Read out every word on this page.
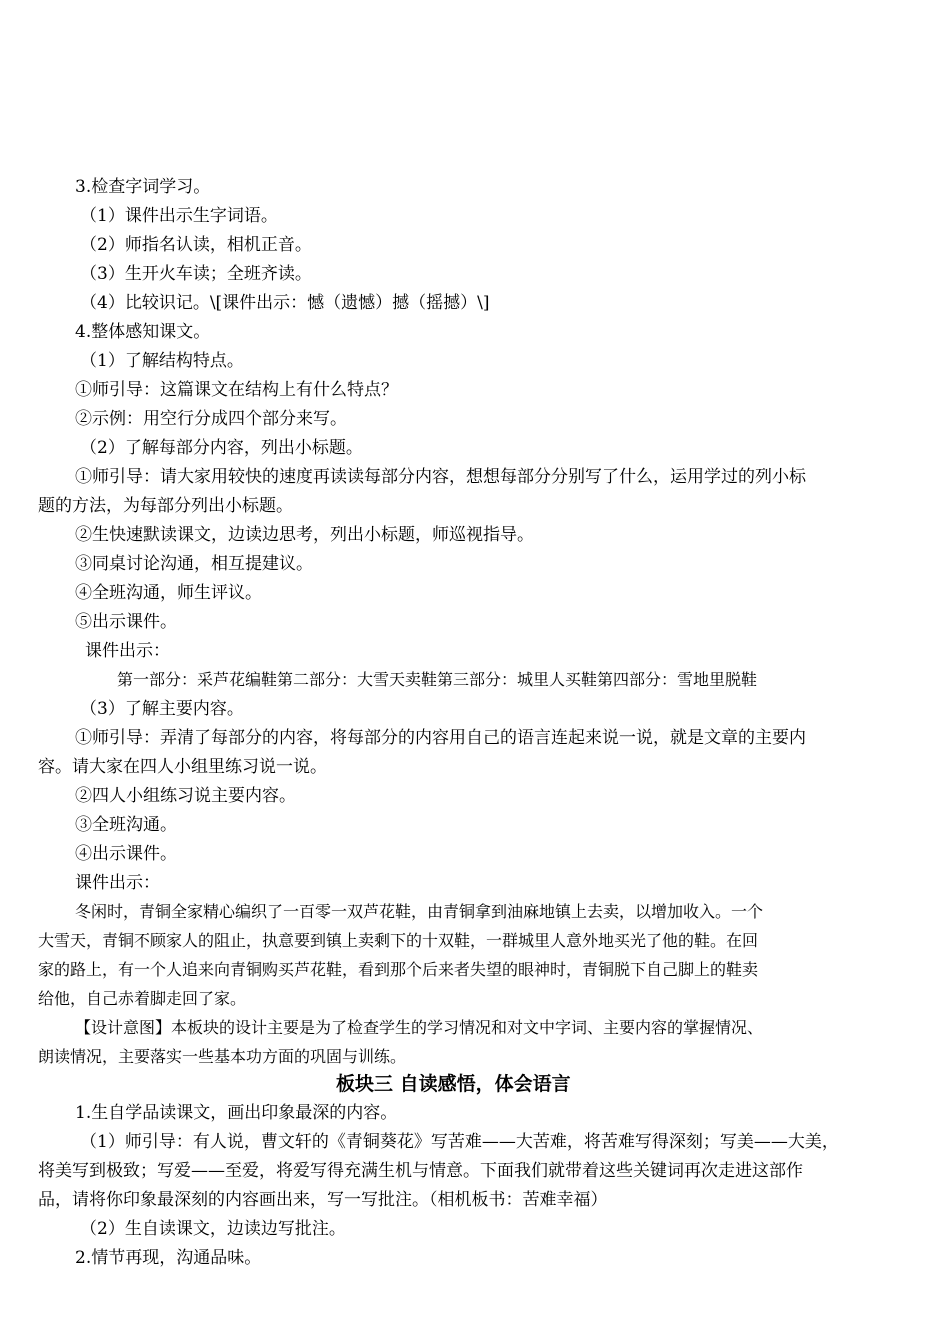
3.检查字词学习。
（1）课件出示生字词语。
（2）师指名认读，相机正音。
（3）生开火车读；全班齐读。
（4）比较识记。\[课件出示：憾（遗憾）撼（摇撼）\]
4.整体感知课文。
（1）了解结构特点。
①师引导：这篇课文在结构上有什么特点？
②示例：用空行分成四个部分来写。
（2）了解每部分内容，列出小标题。
①师引导：请大家用较快的速度再读读每部分内容，想想每部分分别写了什么，运用学过的列小标
题的方法，为每部分列出小标题。
②生快速默读课文，边读边思考，列出小标题，师巡视指导。
③同桌讨论沟通，相互提建议。
④全班沟通，师生评议。
⑤出示课件。
课件出示：
第一部分：采芦花编鞋第二部分：大雪天卖鞋第三部分：城里人买鞋第四部分：雪地里脱鞋
（3）了解主要内容。
①师引导：弄清了每部分的内容，将每部分的内容用自己的语言连起来说一说，就是文章的主要内
容。请大家在四人小组里练习说一说。
②四人小组练习说主要内容。
③全班沟通。
④出示课件。
课件出示：
冬闲时，青铜全家精心编织了一百零一双芦花鞋，由青铜拿到油麻地镇上去卖，以增加收入。一个
大雪天，青铜不顾家人的阻止，执意要到镇上卖剩下的十双鞋，一群城里人意外地买光了他的鞋。在回
家的路上，有一个人追来向青铜购买芦花鞋，看到那个后来者失望的眼神时，青铜脱下自己脚上的鞋卖
给他，自己赤着脚走回了家。
【设计意图】本板块的设计主要是为了检查学生的学习情况和对文中字词、主要内容的掌握情况、
朗读情况，主要落实一些基本功方面的巩固与训练。
板块三 自读感悟，体会语言
1.生自学品读课文，画出印象最深的内容。
（1）师引导：有人说，曹文轩的《青铜葵花》写苦难——大苦难，将苦难写得深刻；写美——大美，
将美写到极致；写爱——至爱，将爱写得充满生机与情意。下面我们就带着这些关键词再次走进这部作
品，请将你印象最深刻的内容画出来，写一写批注。（相机板书：苦难幸福）
（2）生自读课文，边读边写批注。
2.情节再现，沟通品味。
